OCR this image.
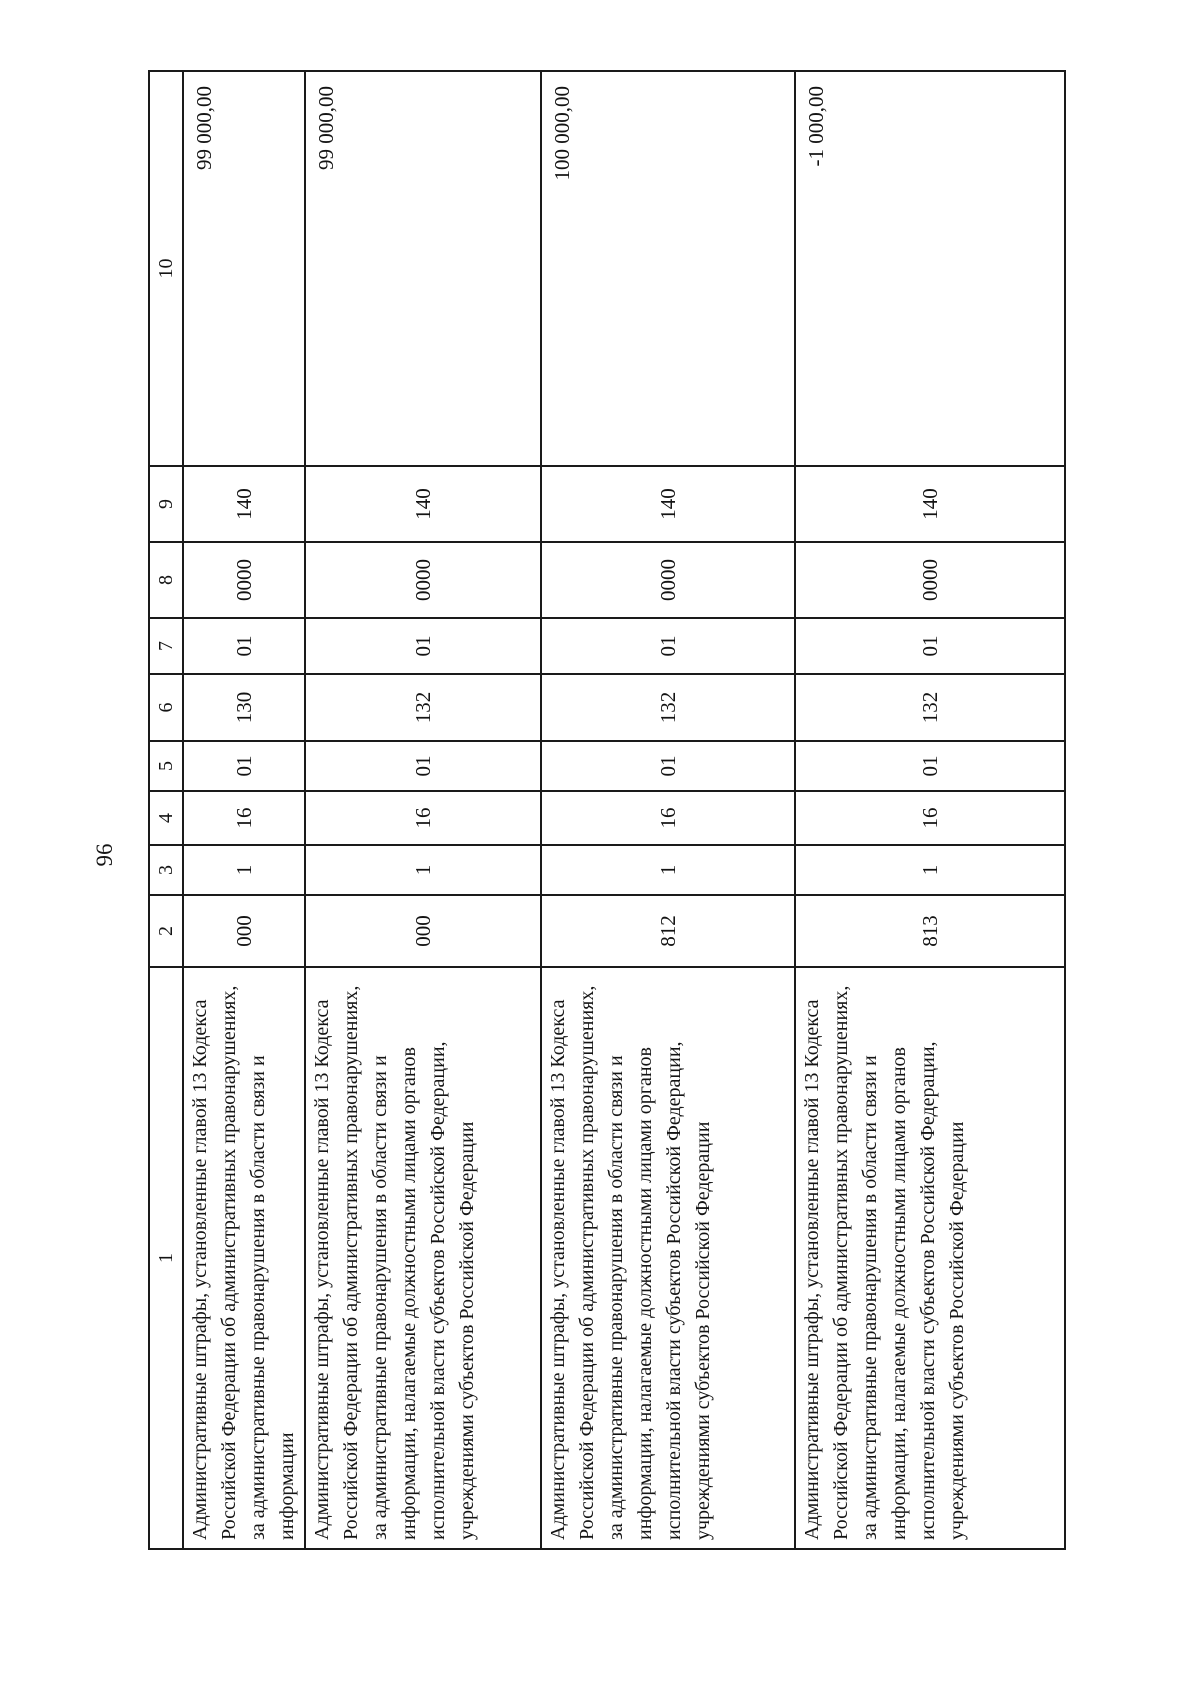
96
1	2	3	4	5	6	7	8	9	10
Административные штрафы, установленные главой 13 Кодекса Российской Федерации об административных правонарушениях, за административные правонарушения в области связи и информации	000	1	16	01	130	01	0000	140	99 000,00
Административные штрафы, установленные главой 13 Кодекса Российской Федерации об административных правонарушениях, за административные правонарушения в области связи и информации, налагаемые должностными лицами органов исполнительной власти субъектов Российской Федерации, учреждениями субъектов Российской Федерации	000	1	16	01	132	01	0000	140	99 000,00
Административные штрафы, установленные главой 13 Кодекса Российской Федерации об административных правонарушениях, за административные правонарушения в области связи и информации, налагаемые должностными лицами органов исполнительной власти субъектов Российской Федерации, учреждениями субъектов Российской Федерации	812	1	16	01	132	01	0000	140	100 000,00
Административные штрафы, установленные главой 13 Кодекса Российской Федерации об административных правонарушениях, за административные правонарушения в области связи и информации, налагаемые должностными лицами органов исполнительной власти субъектов Российской Федерации, учреждениями субъектов Российской Федерации	813	1	16	01	132	01	0000	140	-1 000,00
